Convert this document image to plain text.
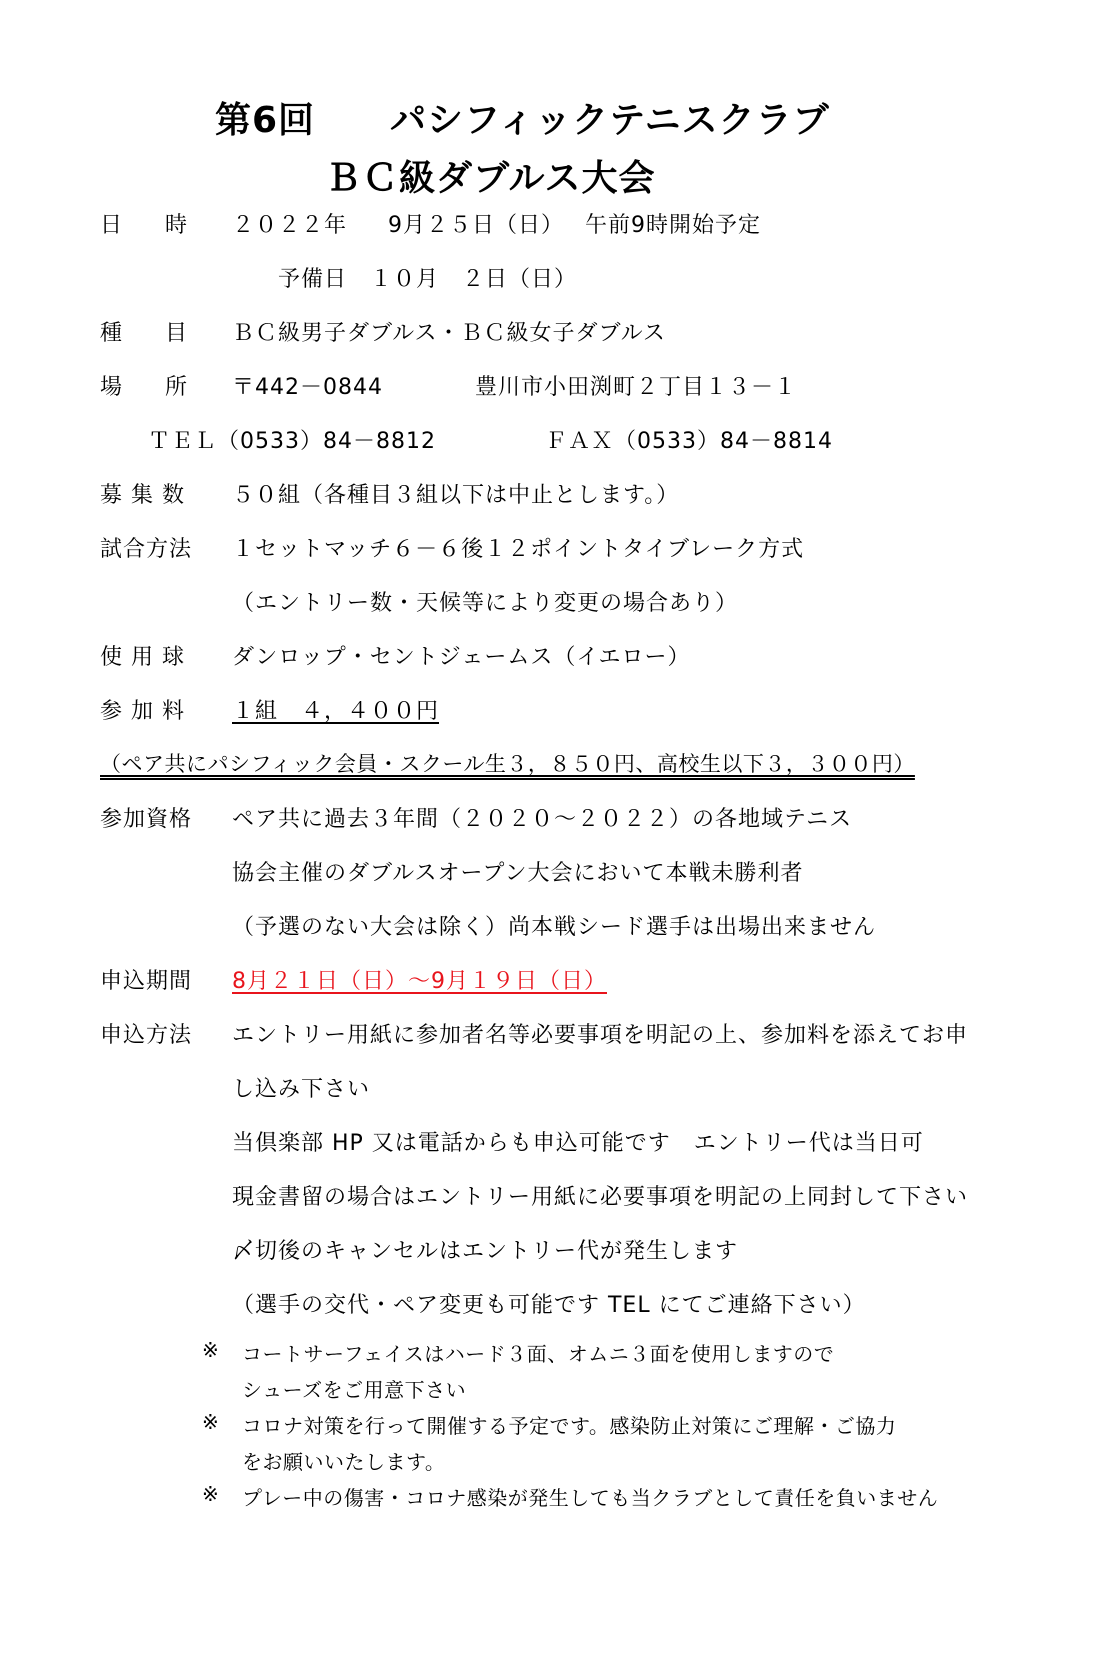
第6回 パシフィックテニスクラブ
ＢＣ級ダブルス大会
日 時 ２０２２年 9月２５日（日） 午前9時開始予定
予備日　１０月　２日（日）
種 目 ＢＣ級男子ダブルス・ＢＣ級女子ダブルス
場 所 〒442－0844	豊川市小田渕町２丁目１３－１
ＴＥＬ（0533）84－8812	ＦＡＸ（0533）84－8814
募 集 数 ５０組（各種目３組以下は中止とします。）
試合方法 １セットマッチ６－６後１２ポイントタイブレーク方式
（エントリー数・天候等により変更の場合あり）
使 用 球 ダンロップ・セントジェームス（イエロー）
参 加 料 １組　４，４００円
（ペア共にパシフィック会員・スクール生３，８５０円、高校生以下３，３００円）
参加資格 ペア共に過去３年間（２０２０～２０２２）の各地域テニス
協会主催のダブルスオープン大会において本戦未勝利者
（予選のない大会は除く）尚本戦シード選手は出場出来ません
申込期間 8月２１日（日）～9月１９日（日）
申込方法 エントリー用紙に参加者名等必要事項を明記の上、参加料を添えてお申
し込み下さい
当倶楽部 HP 又は電話からも申込可能です　エントリー代は当日可
現金書留の場合はエントリー用紙に必要事項を明記の上同封して下さい
〆切後のキャンセルはエントリー代が発生します
（選手の交代・ペア変更も可能です TEL にてご連絡下さい）
※ コートサーフェイスはハード３面、オムニ３面を使用しますので
シューズをご用意下さい
※ コロナ対策を行って開催する予定です。感染防止対策にご理解・ご協力
をお願いいたします。
※ プレー中の傷害・コロナ感染が発生しても当クラブとして責任を負いません
